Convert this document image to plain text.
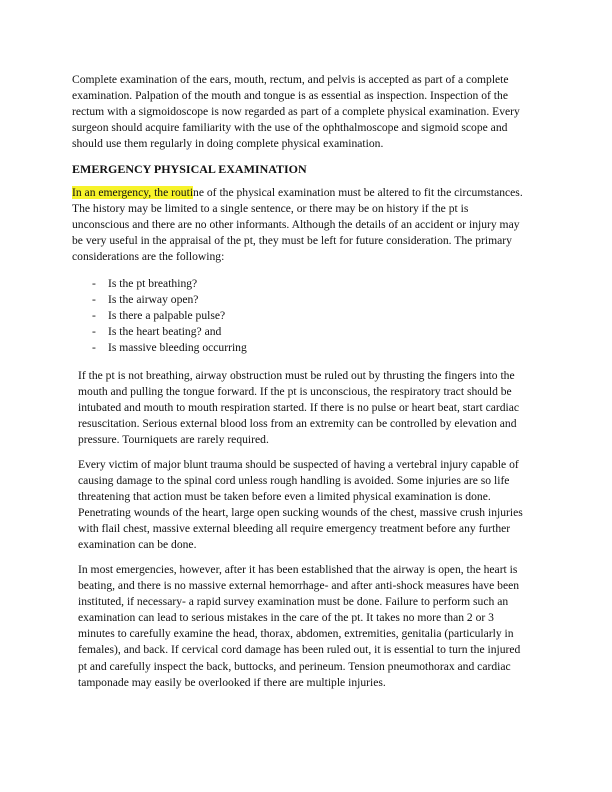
Complete examination of the ears, mouth, rectum, and pelvis is accepted as part of a complete
examination. Palpation of the mouth and tongue is as essential as inspection. Inspection of the
rectum with a sigmoidoscope is now regarded as part of a complete physical examination. Every
surgeon should acquire familiarity with the use of the ophthalmoscope and sigmoid scope and
should use them regularly in doing complete physical examination.
EMERGENCY PHYSICAL EXAMINATION
In an emergency, the routine of the physical examination must be altered to fit the circumstances.
The history may be limited to a single sentence, or there may be on history if the pt is
unconscious and there are no other informants. Although the details of an accident or injury may
be very useful in the appraisal of the pt, they must be left for future consideration. The primary
considerations are the following:
- Is the pt breathing?
- Is the airway open?
- Is there a palpable pulse?
- Is the heart beating? and
- Is massive bleeding occurring
If the pt is not breathing, airway obstruction must be ruled out by thrusting the fingers into the
mouth and pulling the tongue forward. If the pt is unconscious, the respiratory tract should be
intubated and mouth to mouth respiration started. If there is no pulse or heart beat, start cardiac
resuscitation. Serious external blood loss from an extremity can be controlled by elevation and
pressure. Tourniquets are rarely required.
Every victim of major blunt trauma should be suspected of having a vertebral injury capable of
causing damage to the spinal cord unless rough handling is avoided. Some injuries are so life
threatening that action must be taken before even a limited physical examination is done.
Penetrating wounds of the heart, large open sucking wounds of the chest, massive crush injuries
with flail chest, massive external bleeding all require emergency treatment before any further
examination can be done.
In most emergencies, however, after it has been established that the airway is open, the heart is
beating, and there is no massive external hemorrhage- and after anti-shock measures have been
instituted, if necessary- a rapid survey examination must be done. Failure to perform such an
examination can lead to serious mistakes in the care of the pt. It takes no more than 2 or 3
minutes to carefully examine the head, thorax, abdomen, extremities, genitalia (particularly in
females), and back. If cervical cord damage has been ruled out, it is essential to turn the injured
pt and carefully inspect the back, buttocks, and perineum. Tension pneumothorax and cardiac
tamponade may easily be overlooked if there are multiple injuries.
